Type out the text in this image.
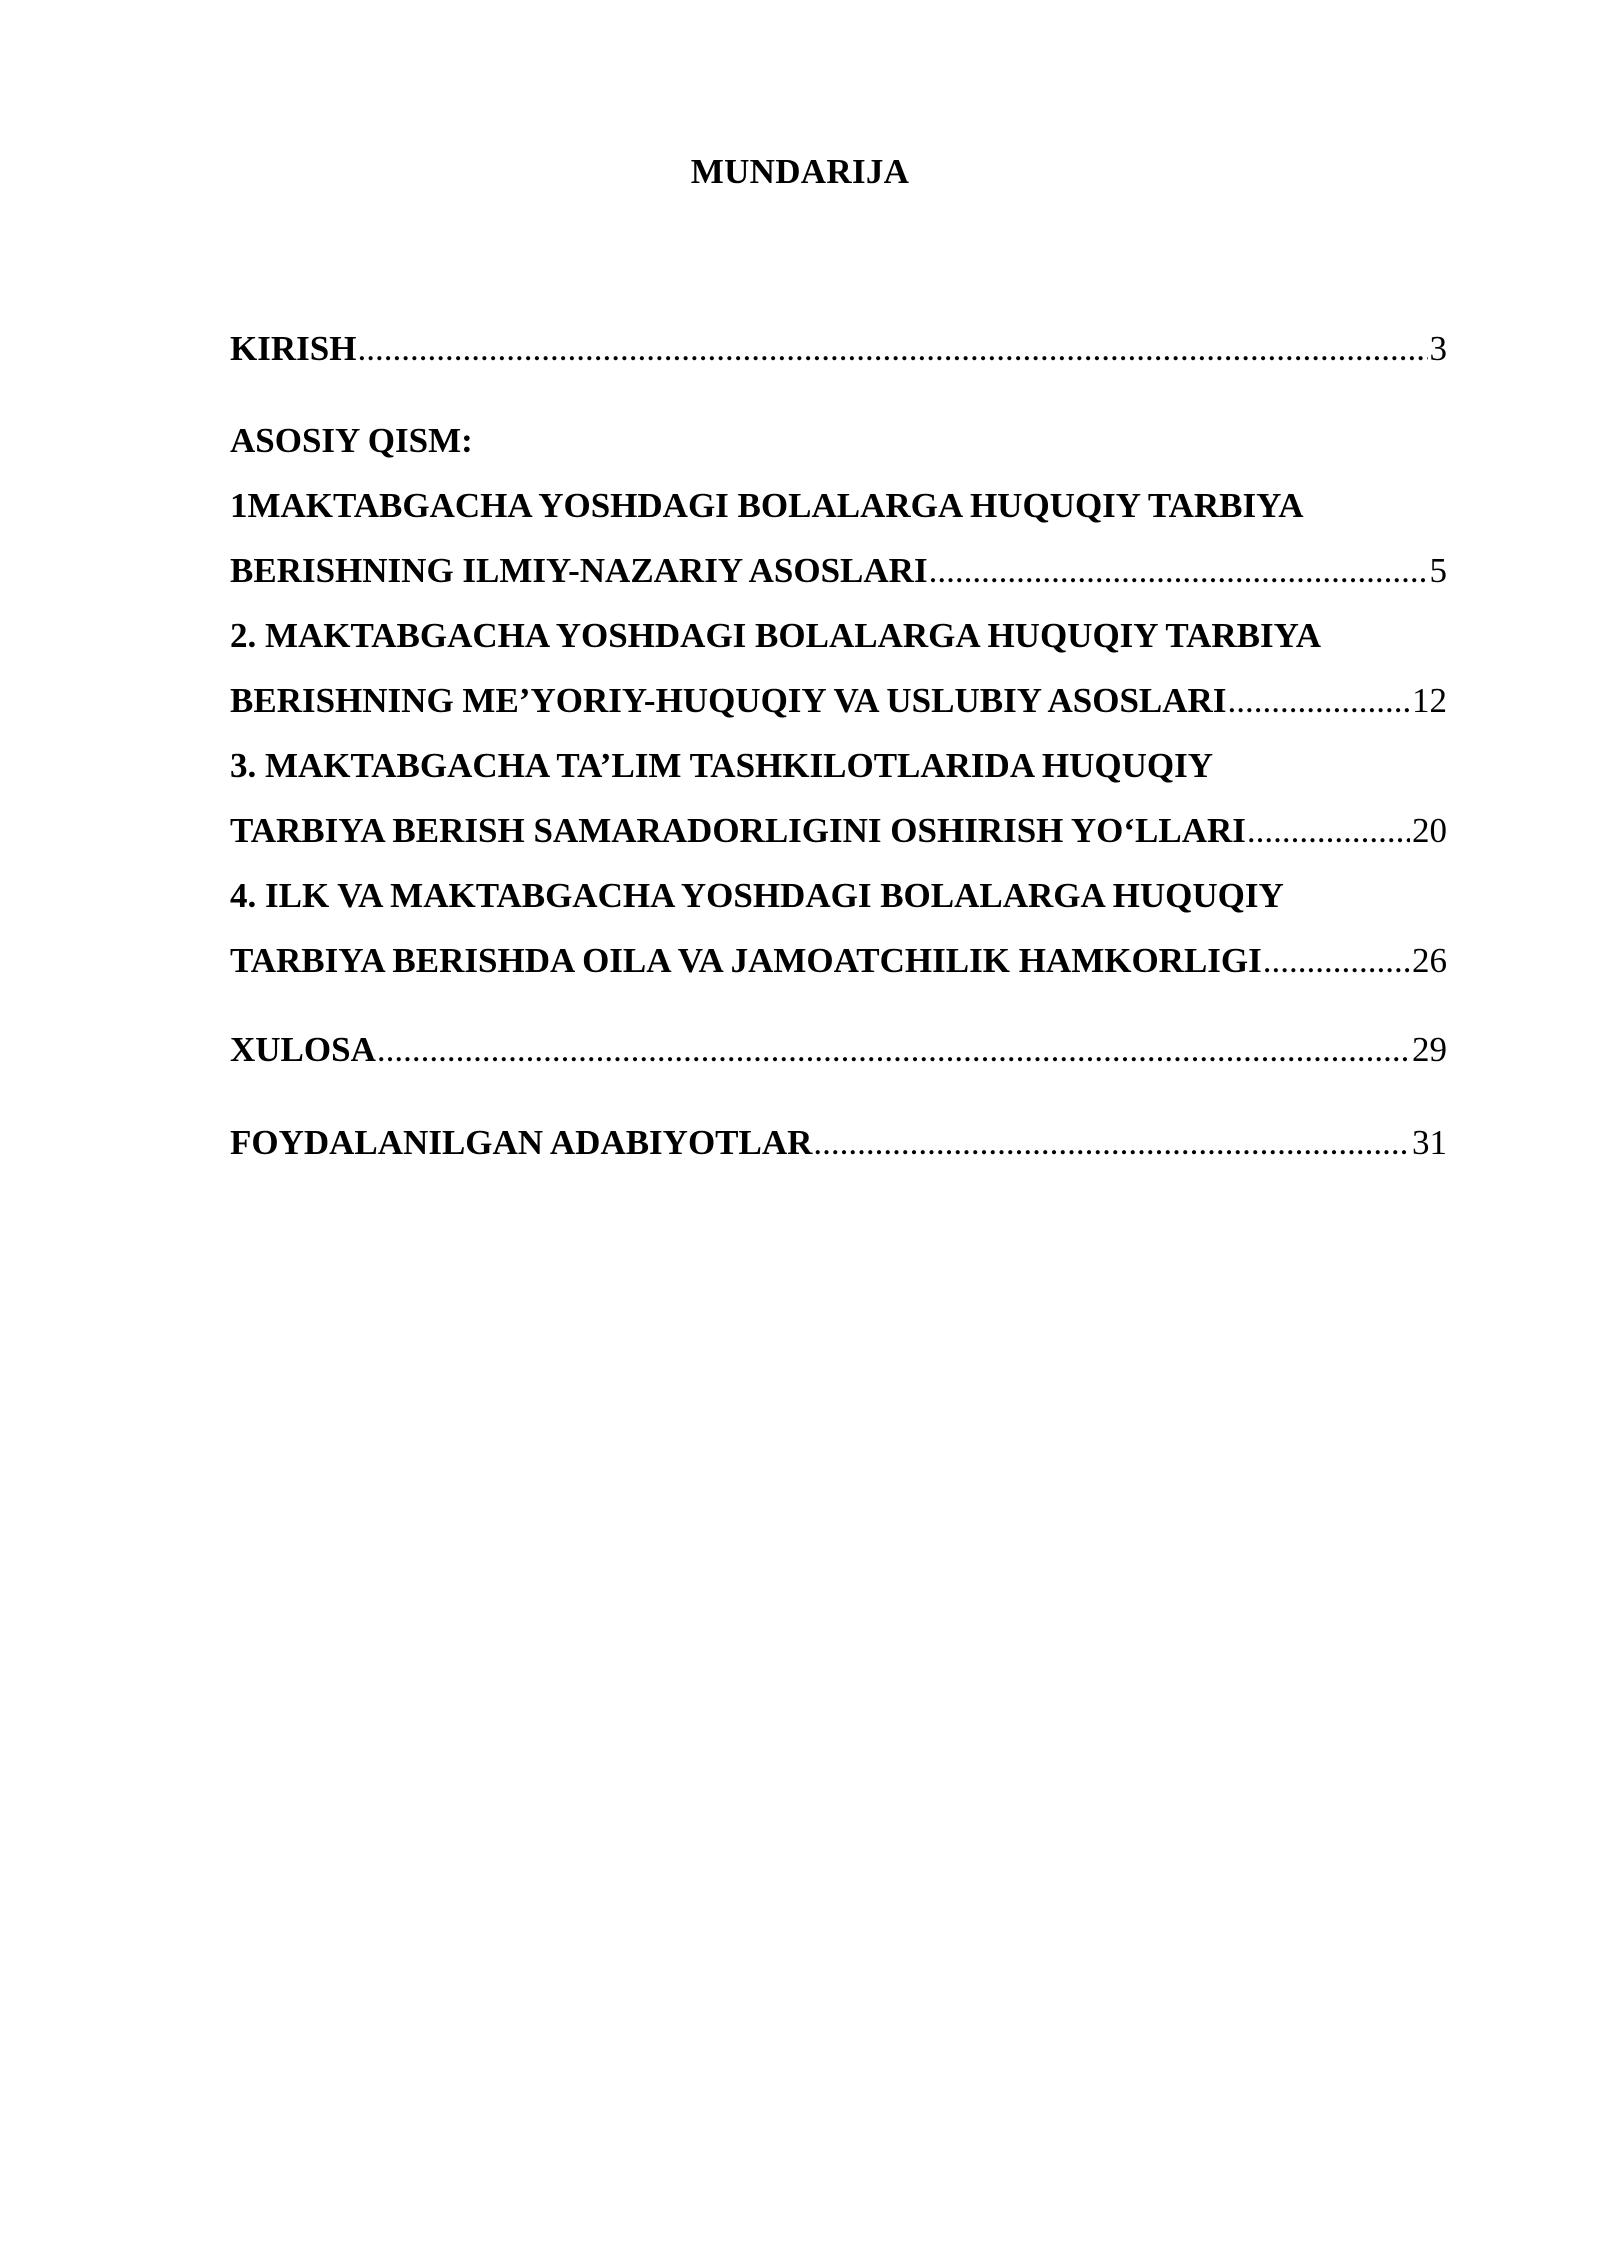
MUNDARIJA
KIRISH .....	3
ASOSIY QISM:
1MAKTABGACHA YOSHDAGI BOLALARGA HUQUQIY TARBIYA
BERISHNING ILMIY-NAZARIY ASOSLARI .....	5
2. MAKTABGACHA YOSHDAGI BOLALARGA HUQUQIY TARBIYA
BERISHNING ME’YORIY-HUQUQIY VA USLUBIY ASOSLARI .....	12
3. MAKTABGACHA TA’LIM TASHKILOTLARIDA HUQUQIY
TARBIYA BERISH SAMARADORLIGINI OSHIRISH YO‘LLARI .....	20
4. ILK VA MAKTABGACHA YOSHDAGI BOLALARGA HUQUQIY
TARBIYA BERISHDA OILA VA JAMOATCHILIK HAMKORLIGI .....	26
XULOSA .....	29
FOYDALANILGAN ADABIYOTLAR .....	31
